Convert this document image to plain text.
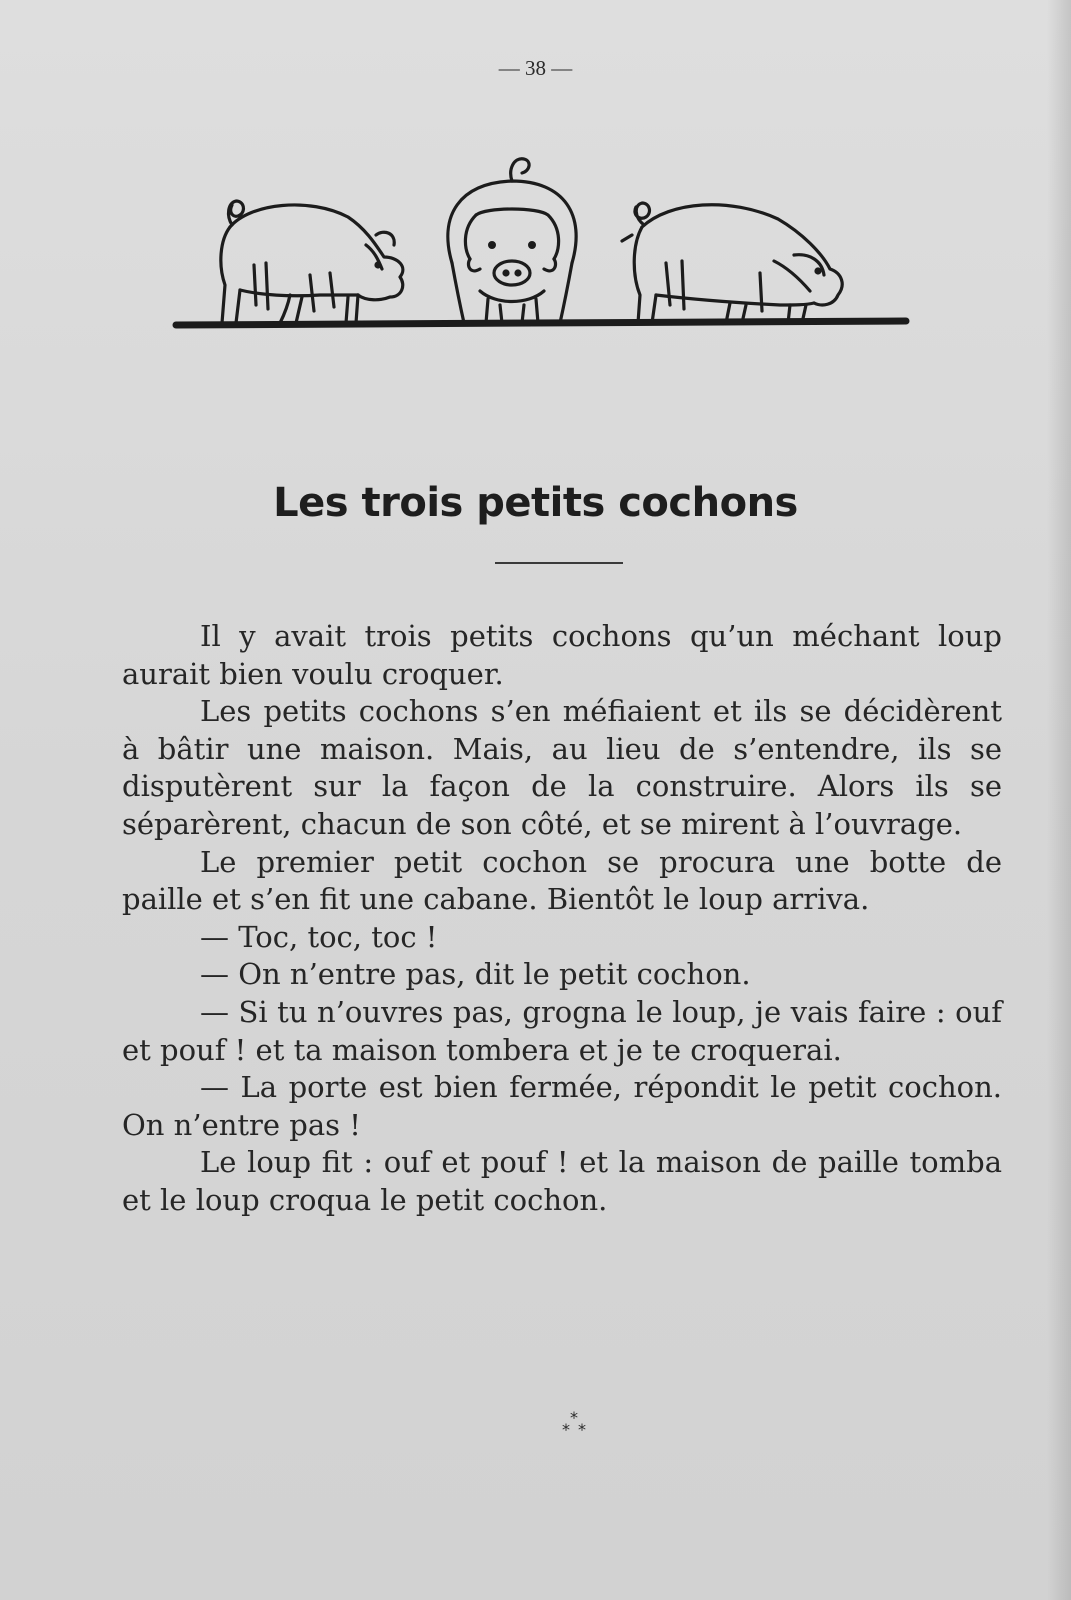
— 38 —
Les trois petits cochons

Il y avait trois petits cochons qu’un méchant loup aurait bien voulu croquer.

Les petits cochons s’en méfiaient et ils se décidèrent à bâtir une maison. Mais, au lieu de s’entendre, ils se disputèrent sur la façon de la construire. Alors ils se séparèrent, chacun de son côté, et se mirent à l’ouvrage.

Le premier petit cochon se procura une botte de paille et s’en fit une cabane. Bientôt le loup arriva.

— Toc, toc, toc !

— On n’entre pas, dit le petit cochon.

— Si tu n’ouvres pas, grogna le loup, je vais faire : ouf et pouf ! et ta maison tombera et je te croquerai.

— La porte est bien fermée, répondit le petit cochon. On n’entre pas !

Le loup fit : ouf et pouf ! et la maison de paille tomba et le loup croqua le petit cochon.

*
* *
